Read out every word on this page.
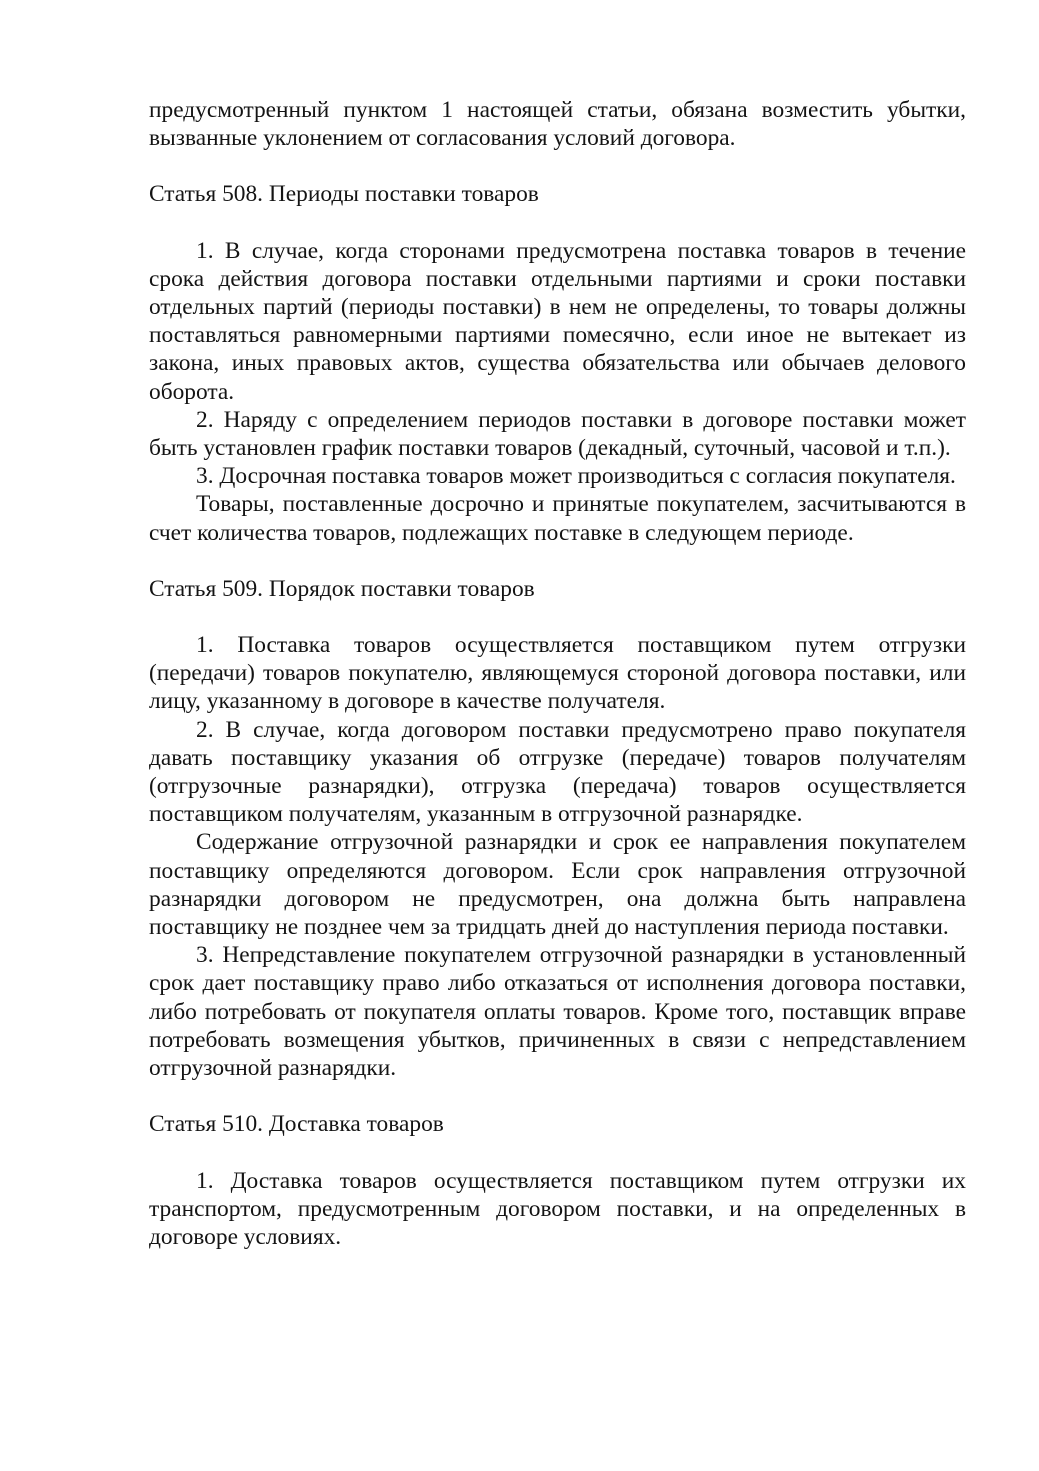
предусмотренный пунктом 1 настоящей статьи, обязана возместить убытки, вызванные уклонением от согласования условий договора.

Статья 508. Периоды поставки товаров

1. В случае, когда сторонами предусмотрена поставка товаров в течение срока действия договора поставки отдельными партиями и сроки поставки отдельных партий (периоды поставки) в нем не определены, то товары должны поставляться равномерными партиями помесячно, если иное не вытекает из закона, иных правовых актов, существа обязательства или обычаев делового оборота.

2. Наряду с определением периодов поставки в договоре поставки может быть установлен график поставки товаров (декадный, суточный, часовой и т.п.).

3. Досрочная поставка товаров может производиться с согласия покупателя.

Товары, поставленные досрочно и принятые покупателем, засчитываются в счет количества товаров, подлежащих поставке в следующем периоде.

Статья 509. Порядок поставки товаров

1. Поставка товаров осуществляется поставщиком путем отгрузки (передачи) товаров покупателю, являющемуся стороной договора поставки, или лицу, указанному в договоре в качестве получателя.

2. В случае, когда договором поставки предусмотрено право покупателя давать поставщику указания об отгрузке (передаче) товаров получателям (отгрузочные разнарядки), отгрузка (передача) товаров осуществляется поставщиком получателям, указанным в отгрузочной разнарядке.

Содержание отгрузочной разнарядки и срок ее направления покупателем поставщику определяются договором. Если срок направления отгрузочной разнарядки договором не предусмотрен, она должна быть направлена поставщику не позднее чем за тридцать дней до наступления периода поставки.

3. Непредставление покупателем отгрузочной разнарядки в установленный срок дает поставщику право либо отказаться от исполнения договора поставки, либо потребовать от покупателя оплаты товаров. Кроме того, поставщик вправе потребовать возмещения убытков, причиненных в связи с непредставлением отгрузочной разнарядки.

Статья 510. Доставка товаров

1. Доставка товаров осуществляется поставщиком путем отгрузки их транспортом, предусмотренным договором поставки, и на определенных в договоре условиях.
